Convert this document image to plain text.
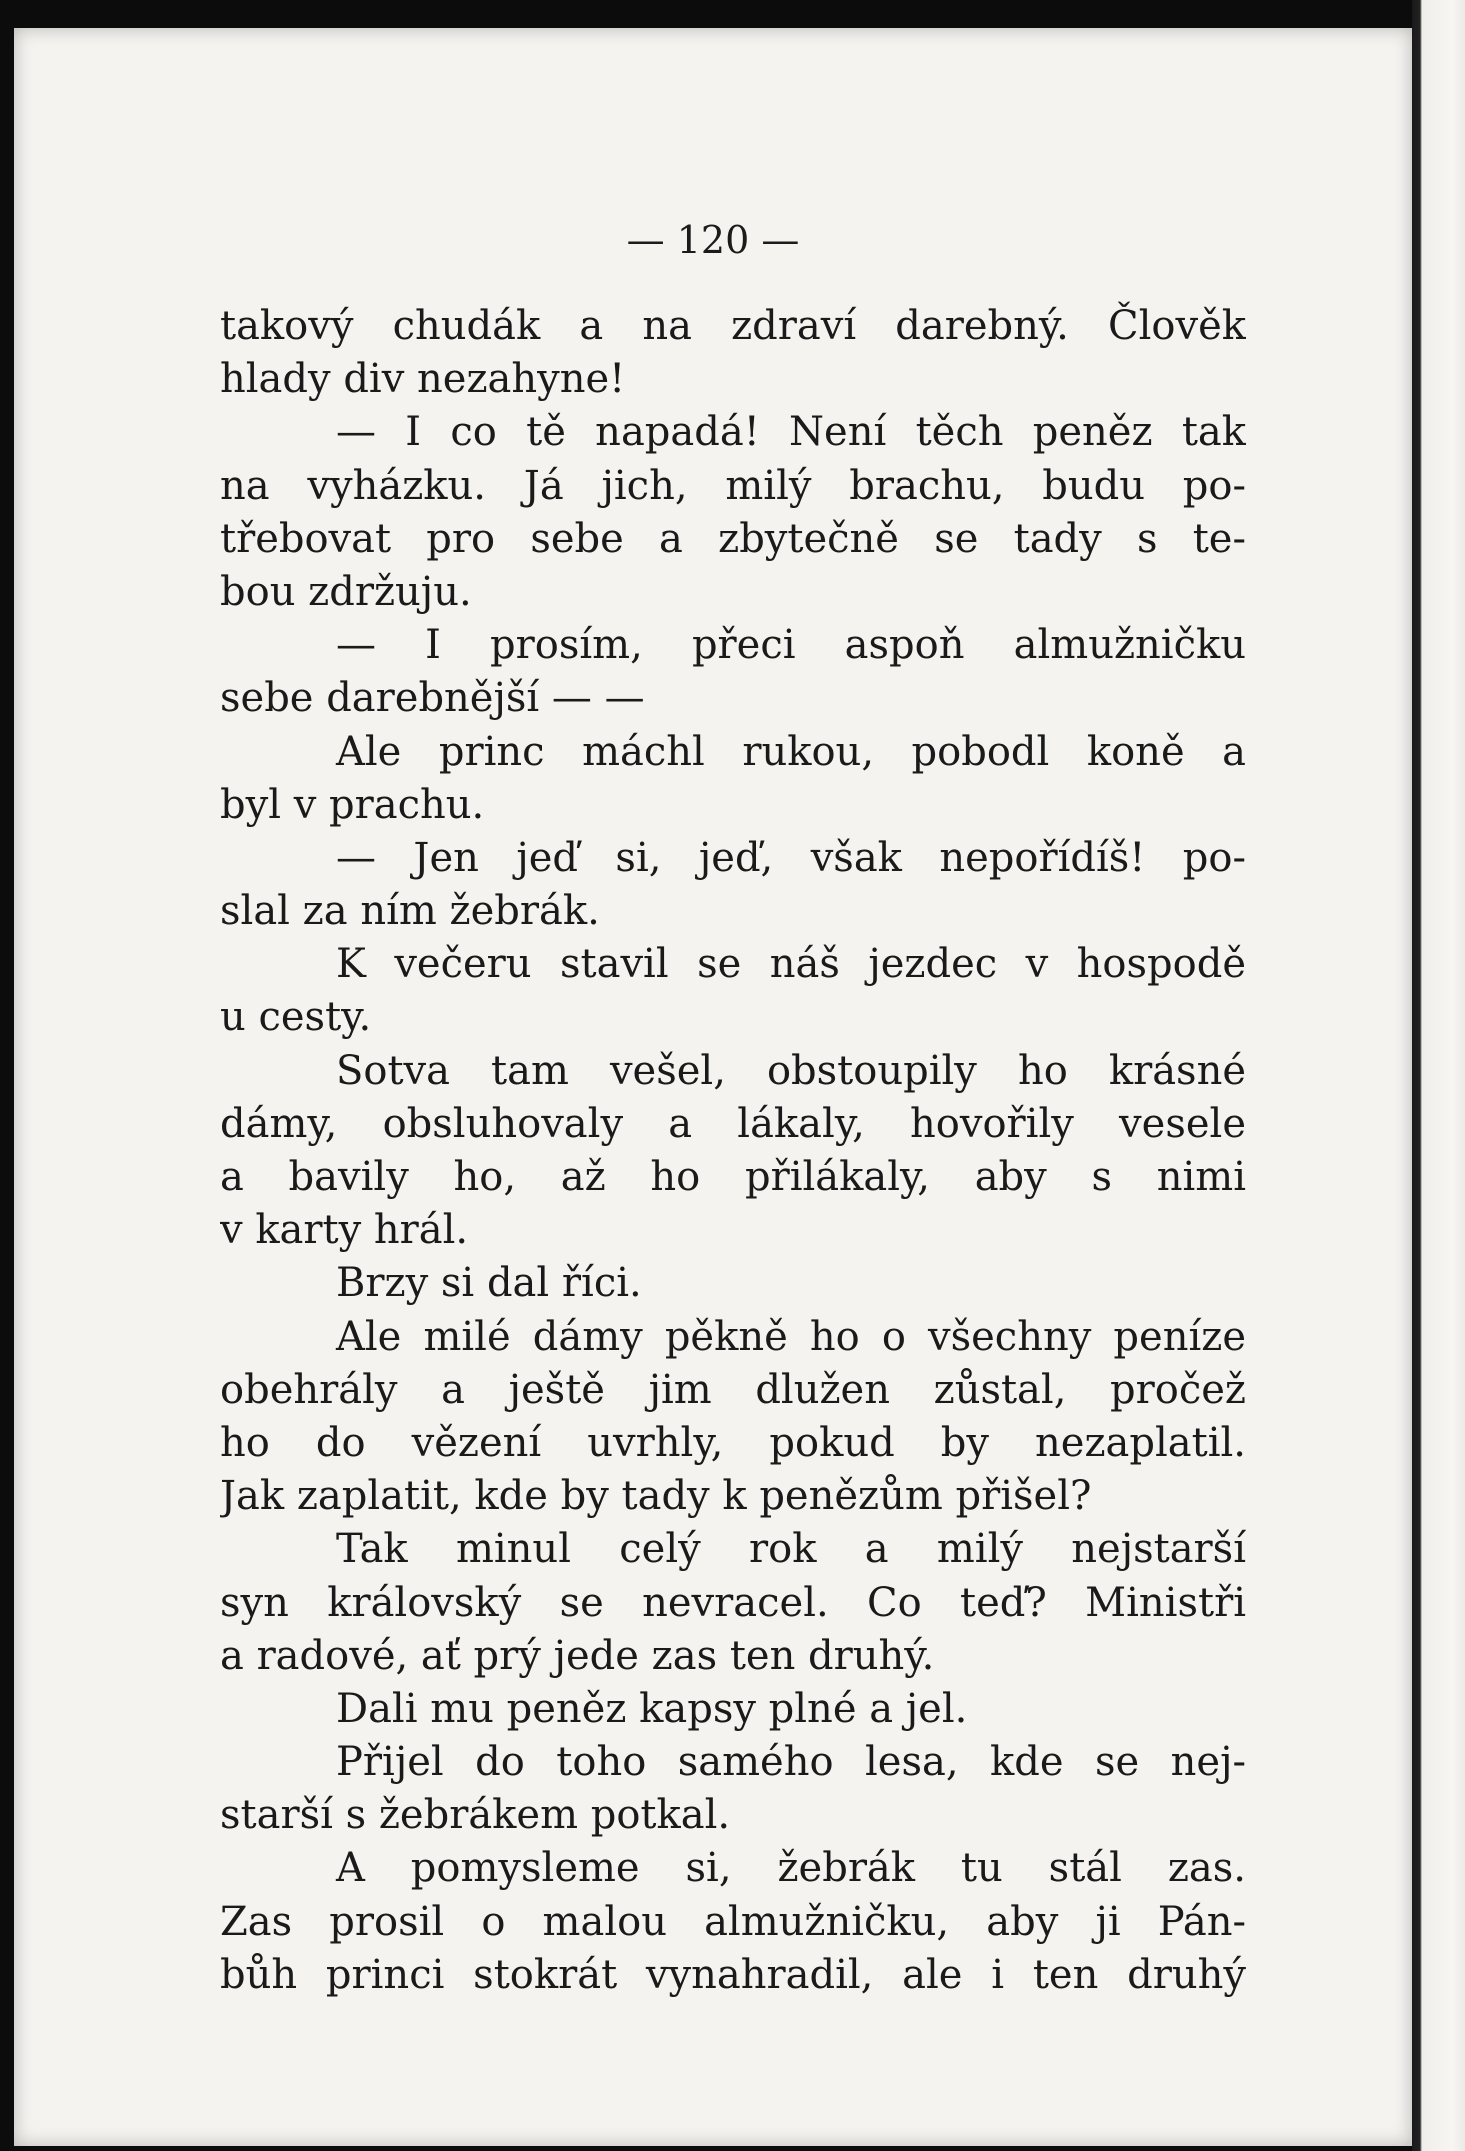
— 120 —
takový chudák a na zdraví darebný. Člověk
hlady div nezahyne!
— I co tě napadá! Není těch peněz tak
na vyházku. Já jich, milý brachu, budu po-
třebovat pro sebe a zbytečně se tady s te-
bou zdržuju.
— I prosím, přeci aspoň almužničku
sebe darebnější — —
Ale princ máchl rukou, pobodl koně a
byl v prachu.
— Jen jeď si, jeď, však nepořídíš! po-
slal za ním žebrák.
K večeru stavil se náš jezdec v hospodě
u cesty.
Sotva tam vešel, obstoupily ho krásné
dámy, obsluhovaly a lákaly, hovořily vesele
a bavily ho, až ho přilákaly, aby s nimi
v karty hrál.
Brzy si dal říci.
Ale milé dámy pěkně ho o všechny peníze
obehrály a ještě jim dlužen zůstal, pročež
ho do vězení uvrhly, pokud by nezaplatil.
Jak zaplatit, kde by tady k penězům přišel?
Tak minul celý rok a milý nejstarší
syn královský se nevracel. Co teď? Ministři
a radové, ať prý jede zas ten druhý.
Dali mu peněz kapsy plné a jel.
Přijel do toho samého lesa, kde se nej-
starší s žebrákem potkal.
A pomysleme si, žebrák tu stál zas.
Zas prosil o malou almužničku, aby ji Pán-
bůh princi stokrát vynahradil, ale i ten druhý
